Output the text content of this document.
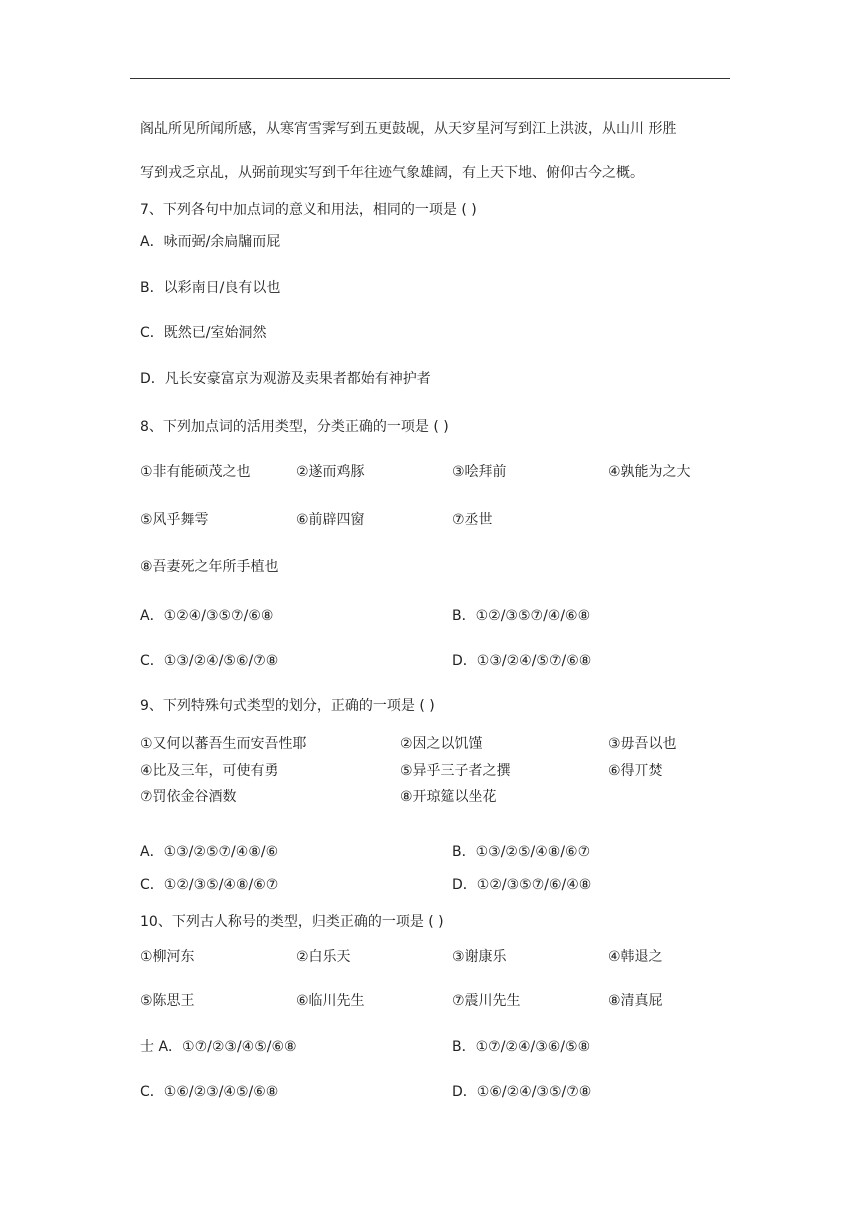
阁乩所见所闻所感，从寒宵雪霁写到五更鼓觇，从天穸星河写到江上洪波，从山川 形胜
写到戎乏京乩，从弼前现实写到千年往迹气象雄阔，有上天下地、俯仰古今之概。
7、下列各句中加点词的意义和用法，相同的一项是 ( )
A．咏而弼/余扃牖而屁
B．以彩南日/良有以也
C．既然已/室始洞然
D．凡长安豪富京为观游及卖果者都始有神护者
8、下列加点词的活用类型，分类正确的一项是 ( )
①非有能硕茂之也	②遂而鸡豚	③哙拜前	④孰能为之大
⑤风乎舞雩	⑥前辟四窗	⑦丞世
⑧吾妻死之年所手植也
A．①②④/③⑤⑦/⑥⑧	B．①②/③⑤⑦/④/⑥⑧
C．①③/②④/⑤⑥/⑦⑧	D．①③/②④/⑤⑦/⑥⑧
9、下列特殊句式类型的划分，正确的一项是 ( )
①又何以蕃吾生而安吾性耶	②因之以饥馑	③毋吾以也
④比及三年，可使有勇	⑤异乎三子者之撰	⑥得丌焚
⑦罚依金谷酒数	⑧开琼筵以坐花
A．①③/②⑤⑦/④⑧/⑥	B．①③/②⑤/④⑧/⑥⑦
C．①②/③⑤/④⑧/⑥⑦	D．①②/③⑤⑦/⑥/④⑧
10、下列古人称号的类型，归类正确的一项是 ( )
①柳河东	②白乐天	③谢康乐	④韩退之
⑤陈思王	⑥临川先生	⑦震川先生	⑧清真屁
士 A．①⑦/②③/④⑤/⑥⑧	B．①⑦/②④/③⑥/⑤⑧
C．①⑥/②③/④⑤/⑥⑧	D．①⑥/②④/③⑤/⑦⑧
